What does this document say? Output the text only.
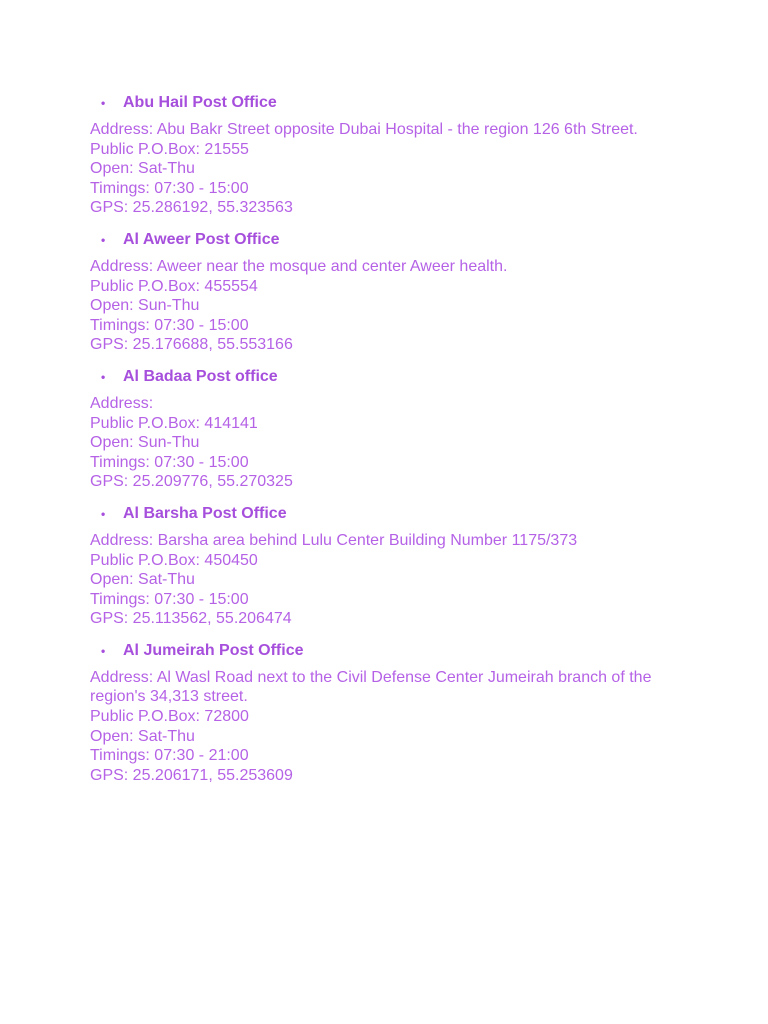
• Abu Hail Post Office
Address: Abu Bakr Street opposite Dubai Hospital - the region 126 6th Street.
Public P.O.Box: 21555
Open: Sat-Thu
Timings: 07:30 - 15:00
GPS: 25.286192, 55.323563
• Al Aweer Post Office
Address: Aweer near the mosque and center Aweer health.
Public P.O.Box: 455554
Open: Sun-Thu
Timings: 07:30 - 15:00
GPS: 25.176688, 55.553166
• Al Badaa Post office
Address:
Public P.O.Box: 414141
Open: Sun-Thu
Timings: 07:30 - 15:00
GPS: 25.209776, 55.270325
• Al Barsha Post Office
Address: Barsha area behind Lulu Center Building Number 1175/373
Public P.O.Box: 450450
Open: Sat-Thu
Timings: 07:30 - 15:00
GPS: 25.113562, 55.206474
• Al Jumeirah Post Office
Address: Al Wasl Road next to the Civil Defense Center Jumeirah branch of the region's 34,313 street.
Public P.O.Box: 72800
Open: Sat-Thu
Timings: 07:30 - 21:00
GPS: 25.206171, 55.253609
